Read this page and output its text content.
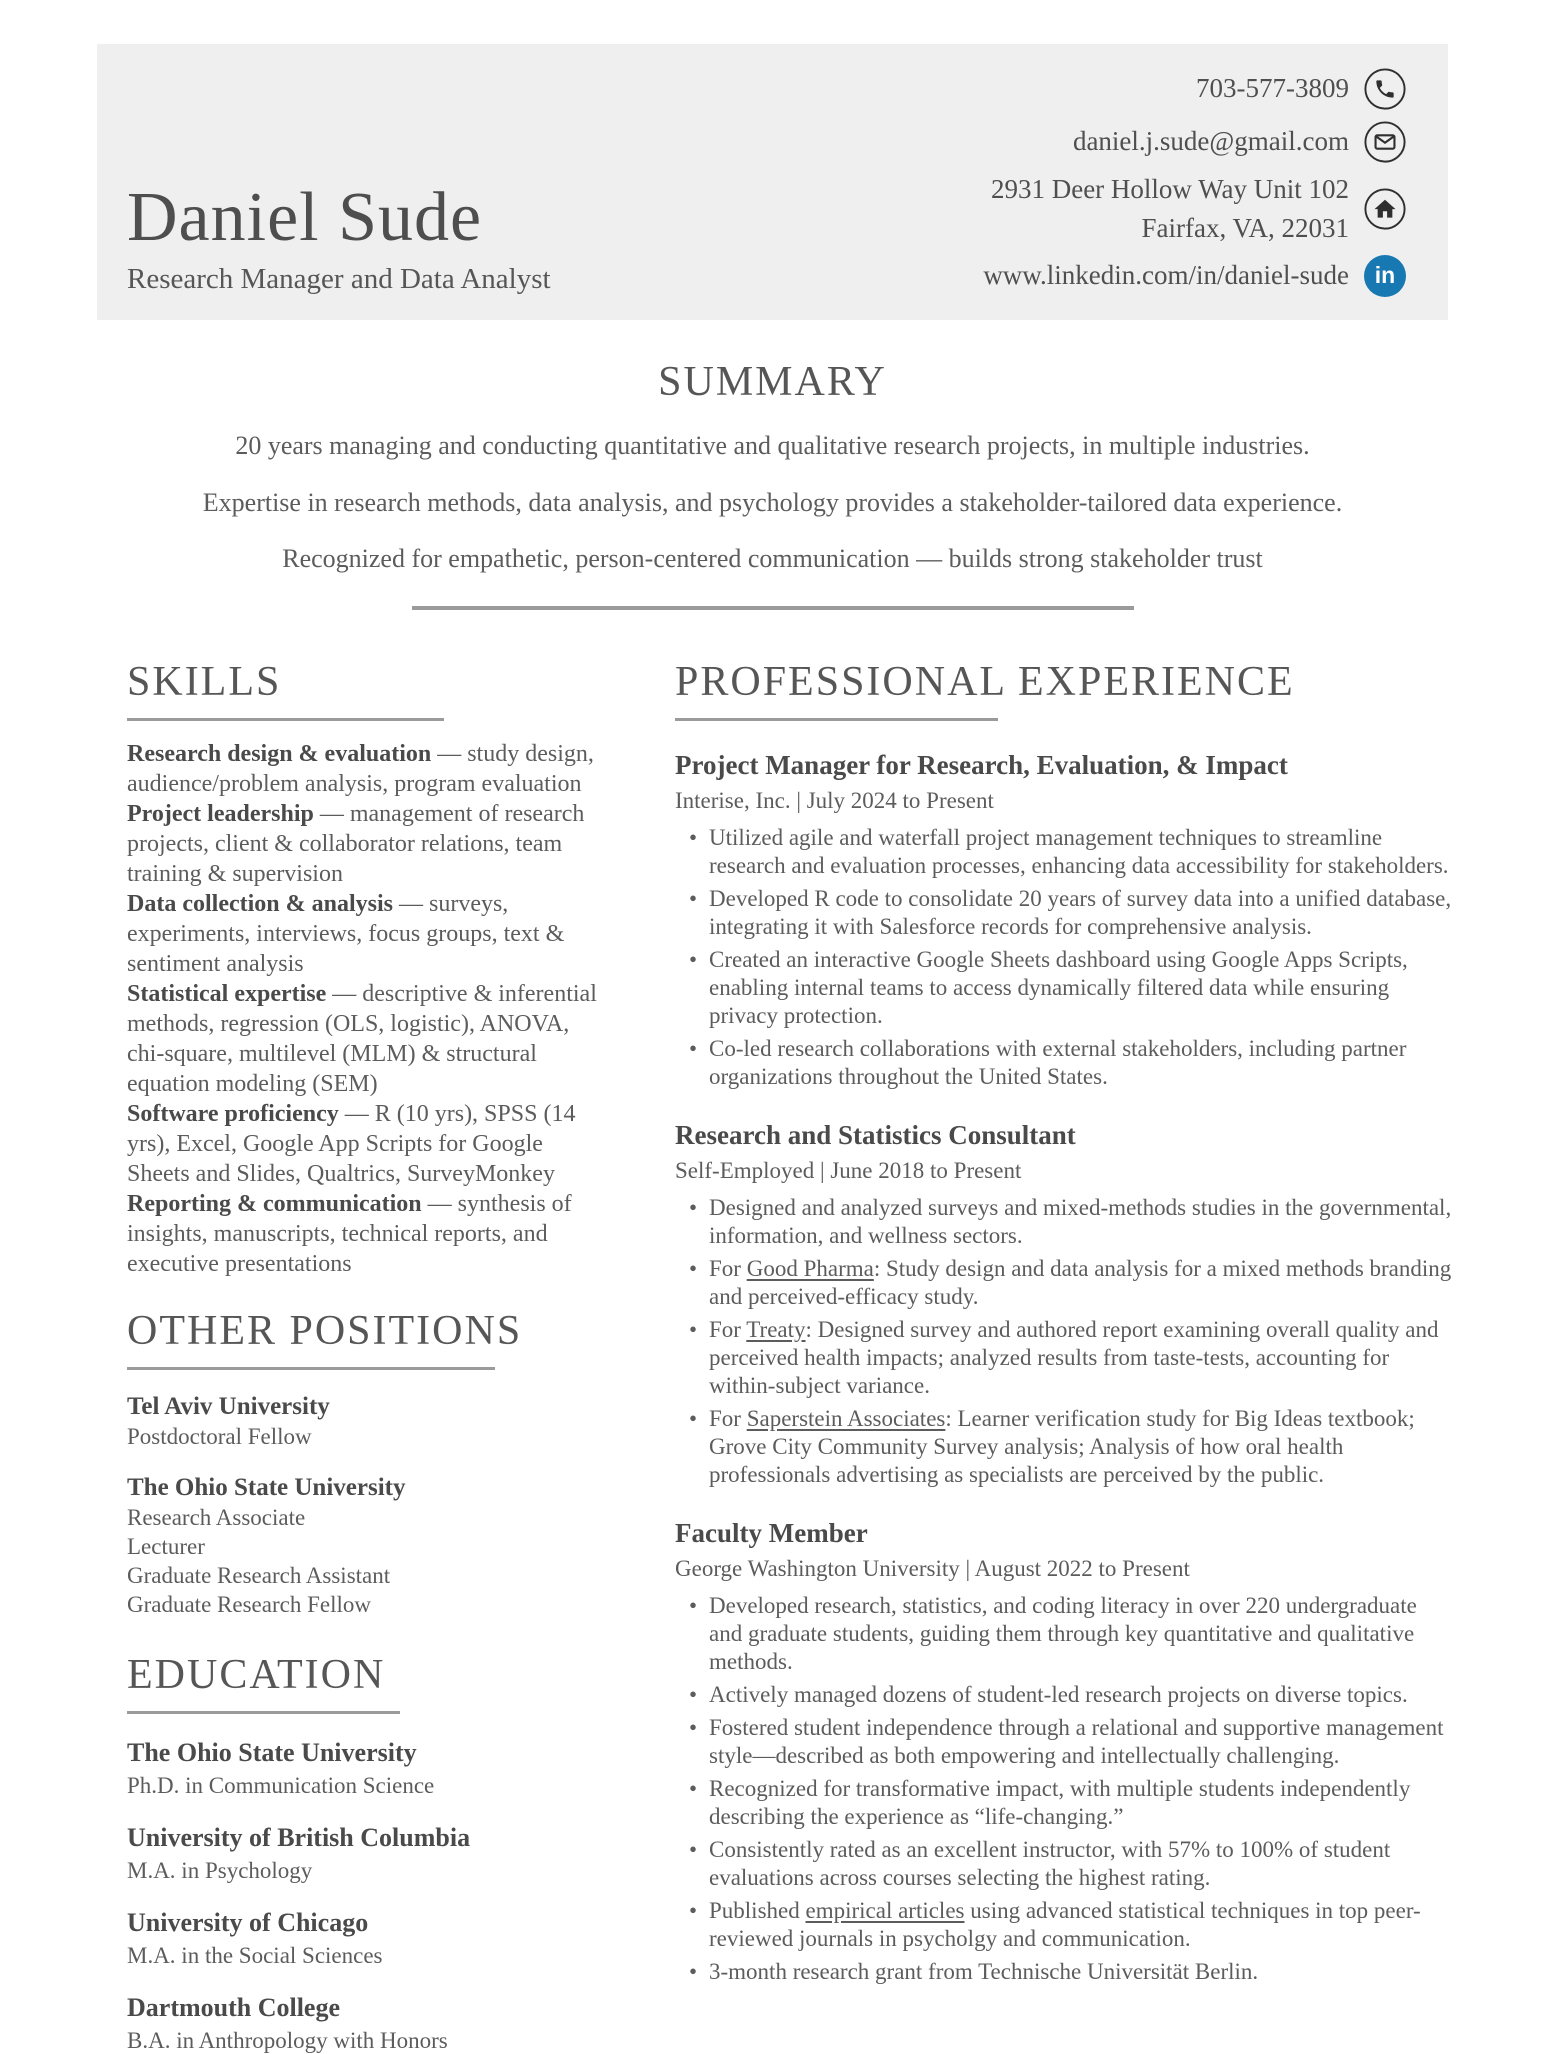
Daniel Sude
Research Manager and Data Analyst
703-577-3809
daniel.j.sude@gmail.com
2931 Deer Hollow Way Unit 102
Fairfax, VA, 22031
www.linkedin.com/in/daniel-sude	in
SUMMARY

20 years managing and conducting quantitative and qualitative research projects, in multiple industries.

Expertise in research methods, data analysis, and psychology provides a stakeholder-tailored data experience.

Recognized for empathetic, person-centered communication — builds strong stakeholder trust

SKILLS

Research design & evaluation — study design, audience/problem analysis, program evaluation

Project leadership — management of research projects, client & collaborator relations, team training & supervision

Data collection & analysis — surveys, experiments, interviews, focus groups, text & sentiment analysis

Statistical expertise — descriptive & inferential methods, regression (OLS, logistic), ANOVA, chi-square, multilevel (MLM) & structural equation modeling (SEM)

Software proficiency — R (10 yrs), SPSS (14 yrs), Excel, Google App Scripts for Google Sheets and Slides, Qualtrics, SurveyMonkey

Reporting & communication — synthesis of insights, manuscripts, technical reports, and executive presentations

OTHER POSITIONS
Tel Aviv University
Postdoctoral Fellow
The Ohio State University
Research Associate
Lecturer
Graduate Research Assistant
Graduate Research Fellow
EDUCATION
The Ohio State University
Ph.D. in Communication Science
University of British Columbia
M.A. in Psychology
University of Chicago
M.A. in the Social Sciences
Dartmouth College
B.A. in Anthropology with Honors
PROFESSIONAL EXPERIENCE
Project Manager for Research, Evaluation, & Impact
Interise, Inc. | July 2024 to Present
• Utilized agile and waterfall project management techniques to streamline research and evaluation processes, enhancing data accessibility for stakeholders.
• Developed R code to consolidate 20 years of survey data into a unified database, integrating it with Salesforce records for comprehensive analysis.
• Created an interactive Google Sheets dashboard using Google Apps Scripts, enabling internal teams to access dynamically filtered data while ensuring privacy protection.
• Co-led research collaborations with external stakeholders, including partner organizations throughout the United States.
Research and Statistics Consultant
Self-Employed | June 2018 to Present
• Designed and analyzed surveys and mixed-methods studies in the governmental, information, and wellness sectors.
• For Good Pharma: Study design and data analysis for a mixed methods branding and perceived-efficacy study.
• For Treaty: Designed survey and authored report examining overall quality and perceived health impacts; analyzed results from taste-tests, accounting for within-subject variance.
• For Saperstein Associates: Learner verification study for Big Ideas textbook; Grove City Community Survey analysis; Analysis of how oral health professionals advertising as specialists are perceived by the public.
Faculty Member
George Washington University | August 2022 to Present
• Developed research, statistics, and coding literacy in over 220 undergraduate and graduate students, guiding them through key quantitative and qualitative methods.
• Actively managed dozens of student-led research projects on diverse topics.
• Fostered student independence through a relational and supportive management style—described as both empowering and intellectually challenging.
• Recognized for transformative impact, with multiple students independently describing the experience as “life-changing.”
• Consistently rated as an excellent instructor, with 57% to 100% of student evaluations across courses selecting the highest rating.
• Published empirical articles using advanced statistical techniques in top peer-reviewed journals in psycholgy and communication.
• 3-month research grant from Technische Universität Berlin.
